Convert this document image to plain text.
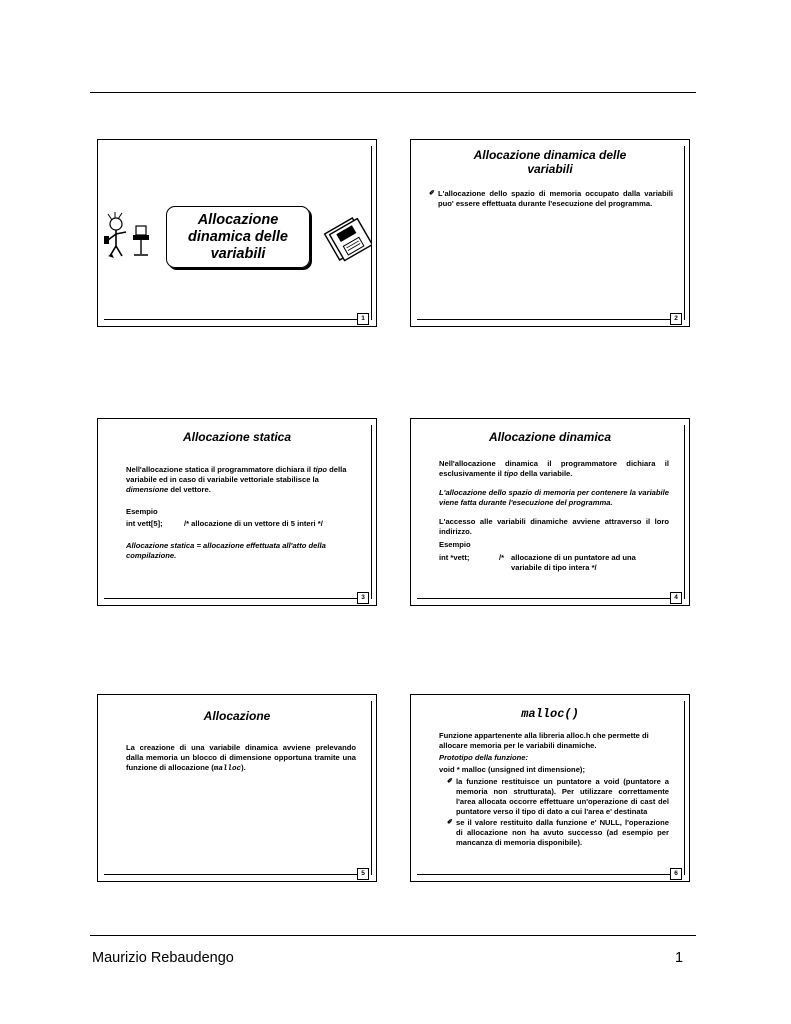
Allocazione
dinamica delle
variabili
1
Allocazione dinamica delle
variabili
✐ L'allocazione dello spazio di memoria occupato dalla variabili puo' essere effettuata durante l'esecuzione del programma.
2
Allocazione statica

Nell'allocazione statica il programmatore dichiara il tipo della variabile ed in caso di variabile vettoriale stabilisce la dimensione del vettore.

Esempio

int vett[5];	/* allocazione di un vettore di 5 interi */

Allocazione statica = allocazione effettuata all'atto della compilazione.

3
Allocazione dinamica

Nell'allocazione dinamica il programmatore dichiara il esclusivamente il tipo della variabile.

L'allocazione dello spazio di memoria per contenere la variabile viene fatta durante l'esecuzione del programma.

L'accesso alle variabili dinamiche avviene attraverso il loro indirizzo.

Esempio

int *vett;	/* allocazione di un puntatore ad una variabile di tipo intera */
4
Allocazione

La creazione di una variabile dinamica avviene prelevando dalla memoria un blocco di dimensione opportuna tramite una funzione di allocazione (malloc).

5
malloc()

Funzione appartenente alla libreria alloc.h che permette di allocare memoria per le variabili dinamiche.

Prototipo della funzione:

void * malloc (unsigned int dimensione);

✐ la funzione restituisce un puntatore a void (puntatore a memoria non strutturata). Per utilizzare correttamente l'area allocata occorre effettuare un'operazione di cast del puntatore verso il tipo di dato a cui l'area e' destinata
✐ se il valore restituito dalla funzione e' NULL, l'operazione di allocazione non ha avuto successo (ad esempio per mancanza di memoria disponibile).
6
Maurizio Rebaudengo	1
